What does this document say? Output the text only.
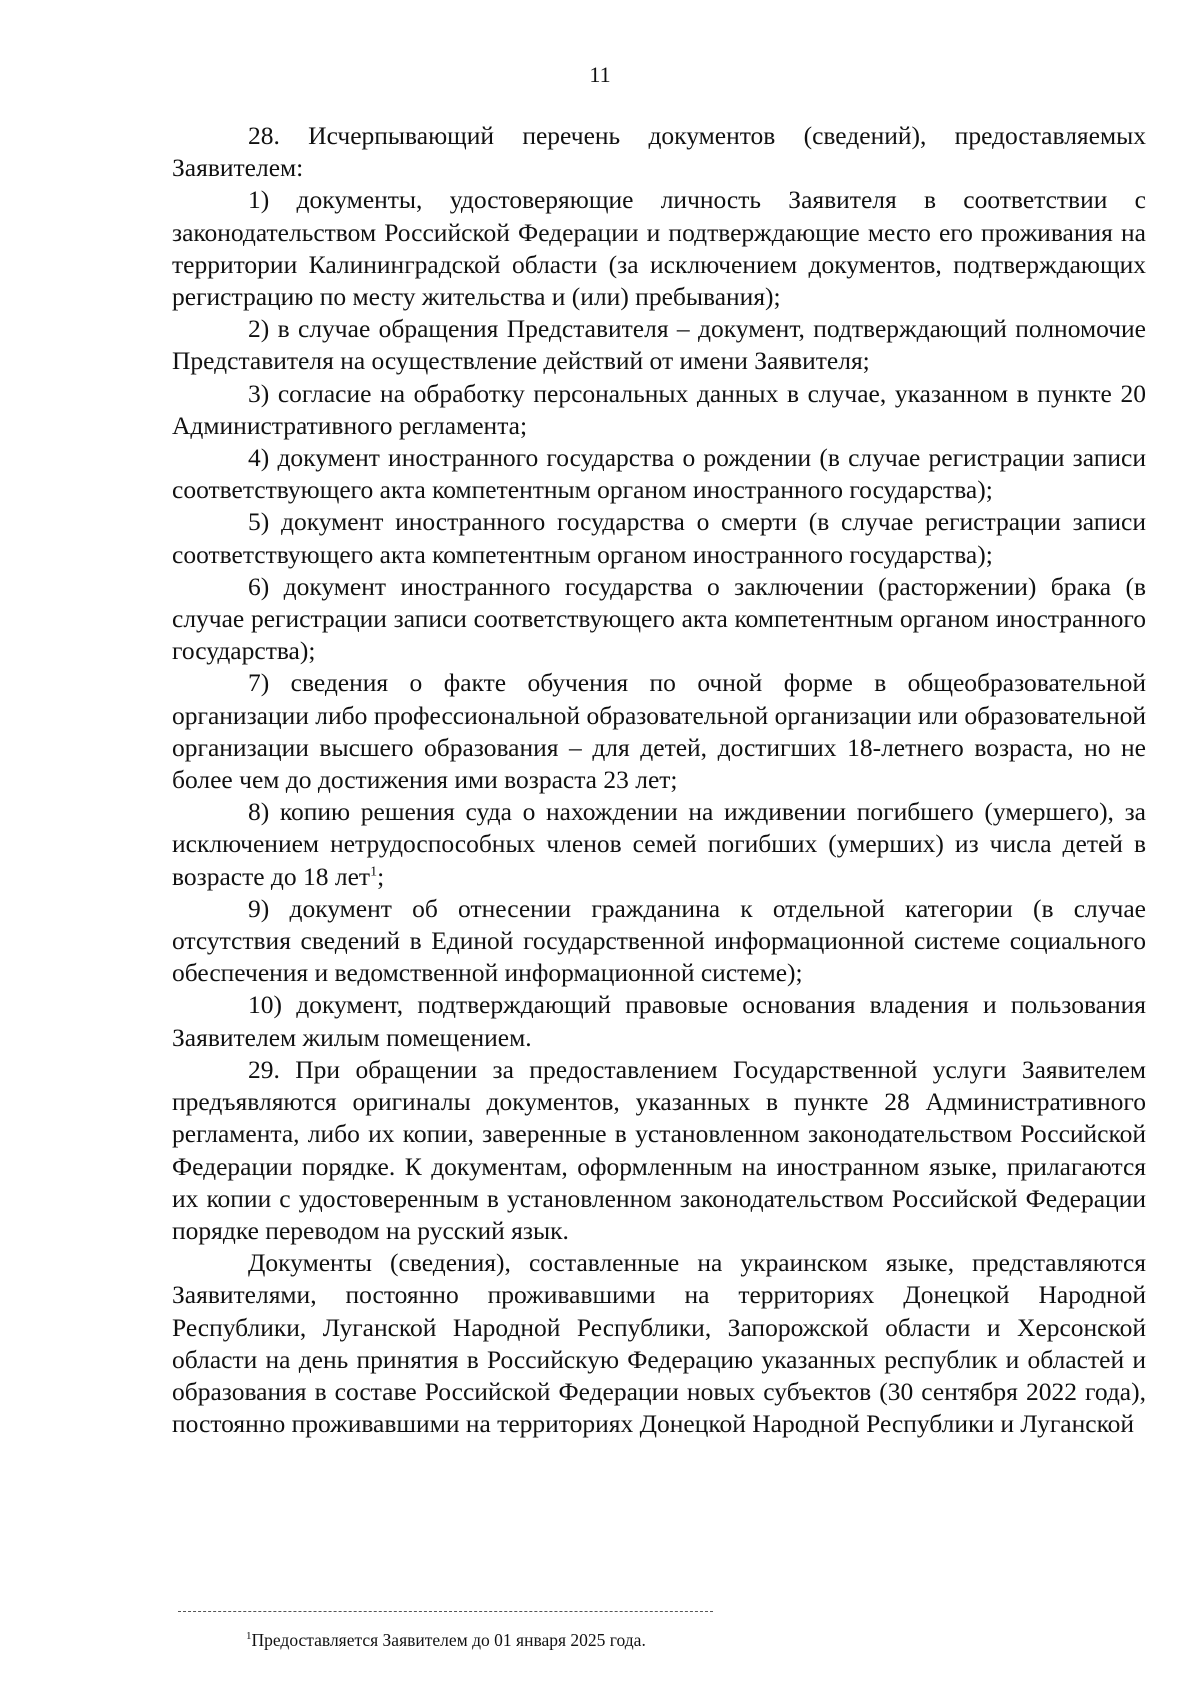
11

28. Исчерпывающий перечень документов (сведений), предоставляемых Заявителем:

1) документы, удостоверяющие личность Заявителя в соответствии с законодательством Российской Федерации и подтверждающие место его проживания на территории Калининградской области (за исключением документов, подтверждающих регистрацию по месту жительства и (или) пребывания);

2) в случае обращения Представителя – документ, подтверждающий полномочие Представителя на осуществление действий от имени Заявителя;

3) согласие на обработку персональных данных в случае, указанном в пункте 20 Административного регламента;

4) документ иностранного государства о рождении (в случае регистрации записи соответствующего акта компетентным органом иностранного государства);

5) документ иностранного государства о смерти (в случае регистрации записи соответствующего акта компетентным органом иностранного государства);

6) документ иностранного государства о заключении (расторжении) брака (в случае регистрации записи соответствующего акта компетентным органом иностранного государства);

7) сведения о факте обучения по очной форме в общеобразовательной организации либо профессиональной образовательной организации или образовательной организации высшего образования – для детей, достигших 18-летнего возраста, но не более чем до достижения ими возраста 23 лет;

8) копию решения суда о нахождении на иждивении погибшего (умершего), за исключением нетрудоспособных членов семей погибших (умерших) из числа детей в возрасте до 18 лет$^1$;

9) документ об отнесении гражданина к отдельной категории (в случае отсутствия сведений в Единой государственной информационной системе социального обеспечения и ведомственной информационной системе);

10) документ, подтверждающий правовые основания владения и пользования Заявителем жилым помещением.

29. При обращении за предоставлением Государственной услуги Заявителем предъявляются оригиналы документов, указанных в пункте 28 Административного регламента, либо их копии, заверенные в установленном законодательством Российской Федерации порядке. К документам, оформленным на иностранном языке, прилагаются их копии с удостоверенным в установленном законодательством Российской Федерации порядке переводом на русский язык.

Документы (сведения), составленные на украинском языке, представляются Заявителями, постоянно проживавшими на территориях Донецкой Народной Республики, Луганской Народной Республики, Запорожской области и Херсонской области на день принятия в Российскую Федерацию указанных республик и областей и образования в составе Российской Федерации новых субъектов (30 сентября 2022 года), постоянно проживавшими на территориях Донецкой Народной Республики и Луганской

$^1$Предоставляется Заявителем до 01 января 2025 года.
